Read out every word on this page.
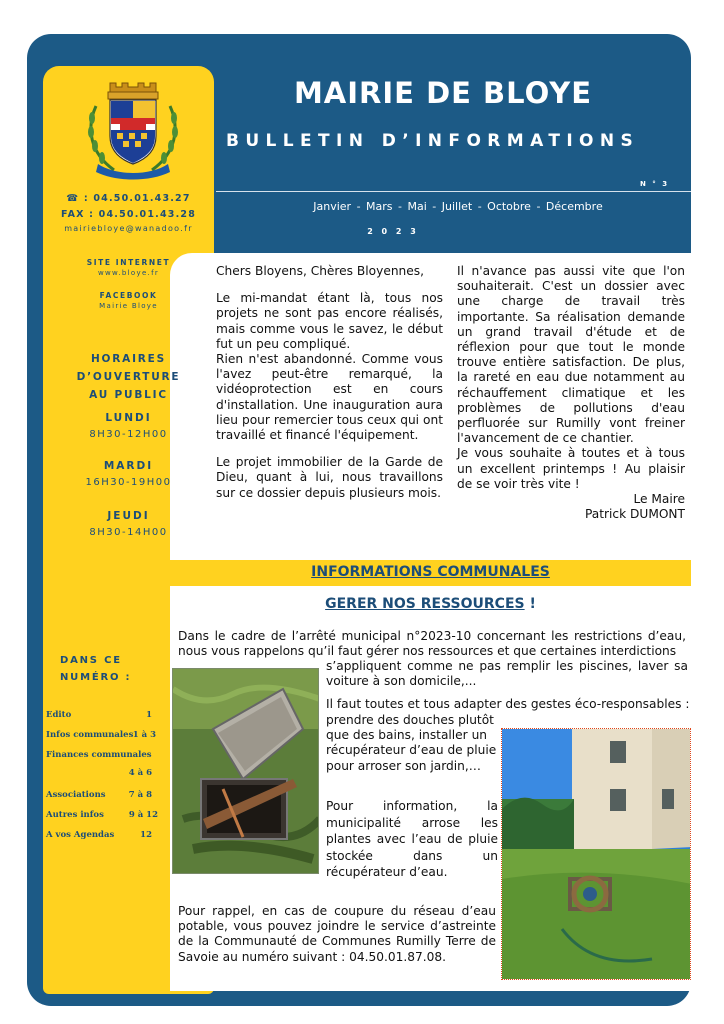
MAIRIE DE BLOYE
BULLETIN D’INFORMATIONS
N ° 3
Janvier - Mars - Mai - Juillet - Octobre - Décembre
2 0 2 3
☎ : 04.50.01.43.27
FAX : 04.50.01.43.28
mairiebloye@wanadoo.fr
SITE INTERNET
www.bloye.fr
FACEBOOK
Mairie Bloye
HORAIRES
D’OUVERTURE
AU PUBLIC
LUNDI
8H30-12H00
MARDI
16H30-19H00
JEUDI
8H30-14H00
DANS CE
NUMÉRO :
Edito	1
Infos communales 1 à 3
Finances communales
4 à 6
Associations	7 à 8
Autres infos	9 à 12
A vos Agendas	12

Chers Bloyens, Chères Bloyennes,

Le mi-mandat étant là, tous nos projets ne sont pas encore réalisés, mais comme vous le savez, le début fut un peu compliqué.

Rien n'est abandonné. Comme vous l'avez peut-être remarqué, la vidéoprotection est en cours d'installation. Une inauguration aura lieu pour remercier tous ceux qui ont travaillé et financé l'équipement.

Le projet immobilier de la Garde de Dieu, quant à lui, nous travaillons sur ce dossier depuis plusieurs mois.

Il n'avance pas aussi vite que l'on souhaiterait. C'est un dossier avec une charge de travail très importante. Sa réalisation demande un grand travail d'étude et de réflexion pour que tout le monde trouve entière satisfaction. De plus, la rareté en eau due notamment au réchauffement climatique et les problèmes de pollutions d'eau perfluorée sur Rumilly vont freiner l'avancement de ce chantier.

Je vous souhaite à toutes et à tous un excellent printemps ! Au plaisir de se voir très vite !

Le Maire

Patrick DUMONT

INFORMATIONS COMMUNALES
GERER NOS RESSOURCES !
Dans le cadre de l’arrêté municipal n°2023-10 concernant les restrictions d’eau, nous vous rappelons qu’il faut gérer nos ressources et que certaines interdictions
s’appliquent comme ne pas remplir les piscines, laver sa voiture à son domicile,...
Il faut toutes et tous adapter des gestes éco-responsables :
prendre des douches plutôt que des bains, installer un récupérateur d’eau de pluie pour arroser son jardin,…
Pour information, la municipalité arrose les plantes avec l’eau de pluie stockée dans un récupérateur d’eau.
Pour rappel, en cas de coupure du réseau d’eau potable, vous pouvez joindre le service d’astreinte de la Communauté de Communes Rumilly Terre de Savoie au numéro suivant : 04.50.01.87.08.
